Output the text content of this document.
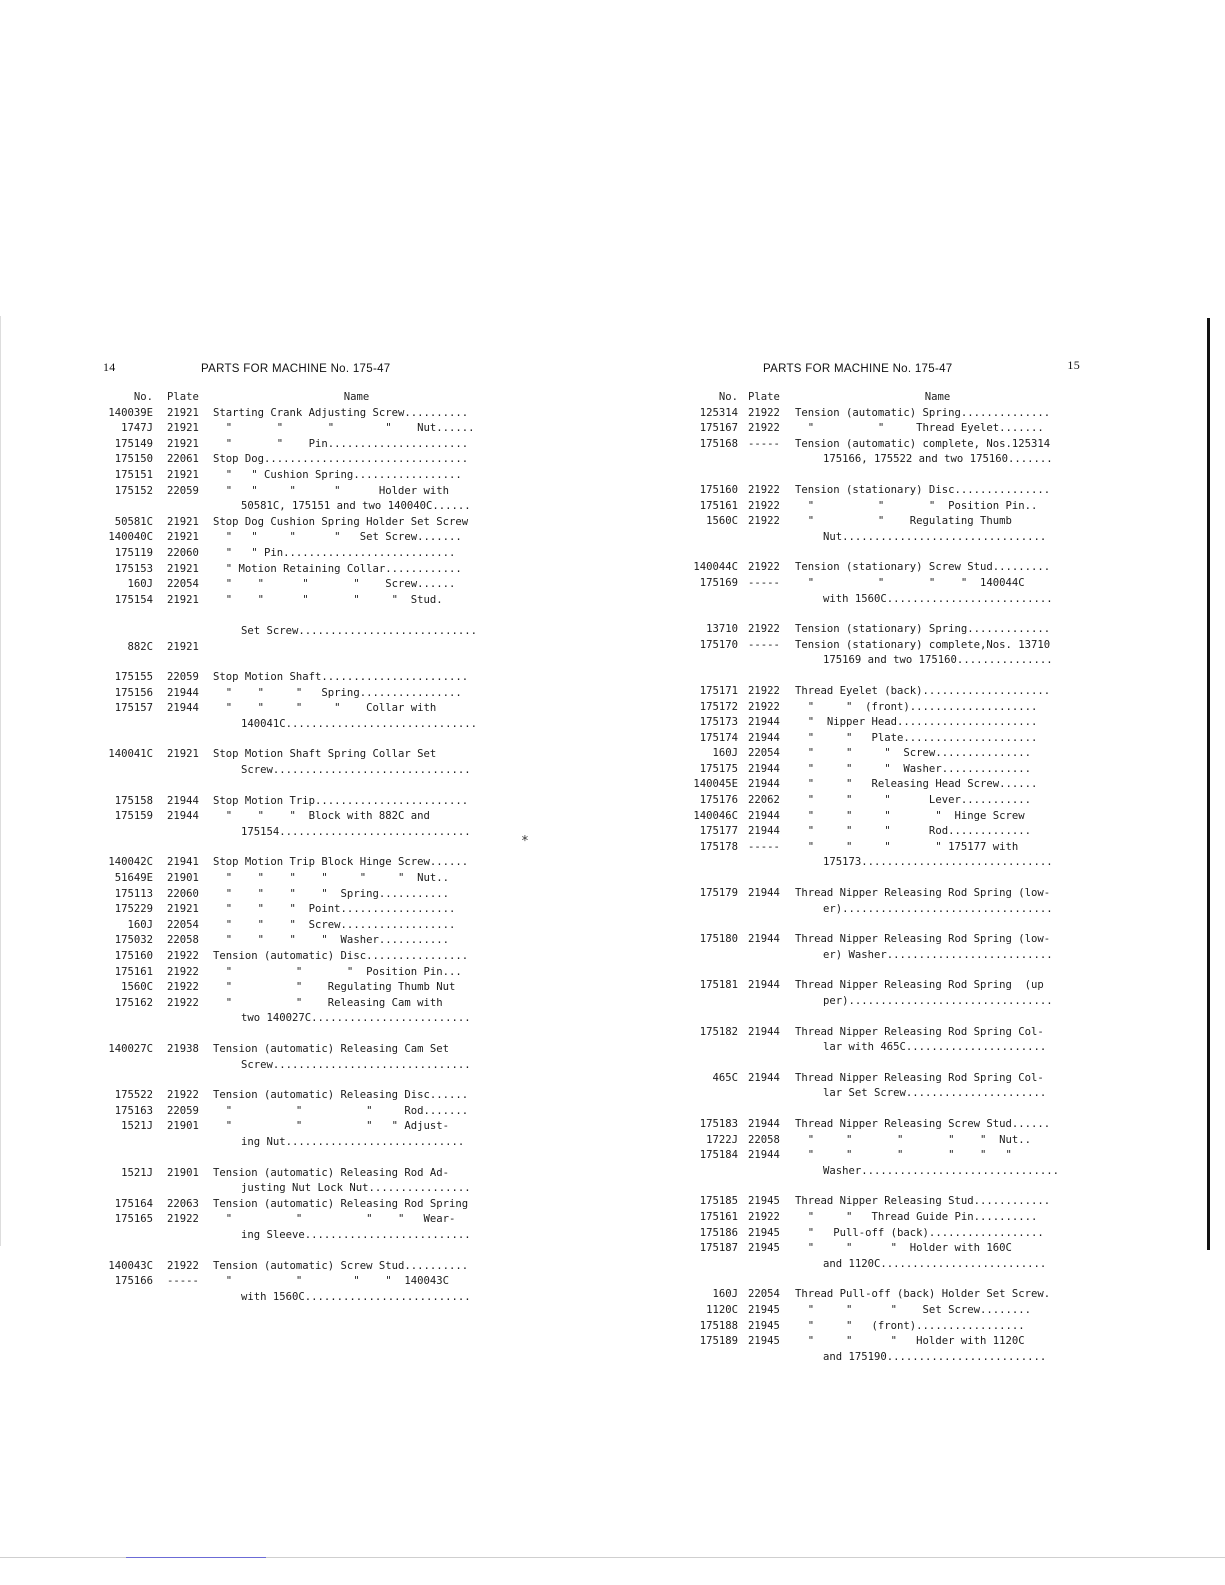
14	PARTS FOR MACHINE No. 175-47
No.	Plate	Name
140039E	21921	Starting Crank Adjusting Screw..........
1747J	21921	"       "       "        "    Nut......
175149	21921	"       "    Pin......................
175150	22061	Stop Dog................................
175151	21921	"   " Cushion Spring.................
175152	22059	"   "     "      "      Holder with
50581C, 175151 and two 140040C......
50581C	21921	Stop Dog Cushion Spring Holder Set Screw
140040C	21921	"   "     "      "   Set Screw.......
175119	22060	"   " Pin...........................
175153	21921	" Motion Retaining Collar............
160J	22054	"    "      "       "    Screw......
175154	21921	"    "      "       "     "  Stud.

Set Screw............................
882C	21921
175155	22059	Stop Motion Shaft.......................
175156	21944	"    "     "   Spring................
175157	21944	"    "     "     "    Collar with
140041C..............................
140041C	21921	Stop Motion Shaft Spring Collar Set
Screw...............................
175158	21944	Stop Motion Trip........................
175159	21944	"    "    "  Block with 882C and
175154..............................
140042C	21941	Stop Motion Trip Block Hinge Screw......
51649E	21901	"    "    "    "     "     "  Nut..
175113	22060	"    "    "    "  Spring...........
175229	21921	"    "    "  Point..................
160J	22054	"    "    "  Screw..................
175032	22058	"    "    "    "  Washer...........
175160	21922	Tension (automatic) Disc................
175161	21922	"          "       "  Position Pin...
1560C	21922	"          "    Regulating Thumb Nut
175162	21922	"          "    Releasing Cam with
two 140027C.........................
140027C	21938	Tension (automatic) Releasing Cam Set
Screw...............................
175522	21922	Tension (automatic) Releasing Disc......
175163	22059	"          "          "     Rod.......
1521J	21901	"          "          "   " Adjust-
ing Nut............................
1521J	21901	Tension (automatic) Releasing Rod Ad-
justing Nut Lock Nut................
175164	22063	Tension (automatic) Releasing Rod Spring
175165	21922	"          "          "    "   Wear-
ing Sleeve..........................
140043C	21922	Tension (automatic) Screw Stud..........
175166	-----	"          "        "    "  140043C
with 1560C..........................
PARTS FOR MACHINE No. 175-47	15
No. Plate	Name
125314 21922	Tension (automatic) Spring..............
175167 21922	"          "     Thread Eyelet.......
175168 -----	Tension (automatic) complete, Nos.125314
175166, 175522 and two 175160.......
175160 21922	Tension (stationary) Disc...............
175161 21922	"          "       "  Position Pin..
1560C 21922	"          "    Regulating Thumb
Nut................................
140044C 21922	Tension (stationary) Screw Stud.........
175169 -----	"          "       "    "  140044C
with 1560C..........................
13710 21922	Tension (stationary) Spring.............
175170 -----	Tension (stationary) complete,Nos. 13710
175169 and two 175160...............
175171 21922	Thread Eyelet (back)....................
175172 21922	"     "  (front)....................
175173 21944	"  Nipper Head......................
175174 21944	"     "   Plate.....................
160J 22054	"     "     "  Screw...............
175175 21944	"     "     "  Washer..............
140045E 21944	"     "   Releasing Head Screw......
175176 22062	"     "     "      Lever...........
140046C 21944	"     "     "       "  Hinge Screw
175177 21944	"     "     "      Rod.............
175178 -----	"     "     "       " 175177 with
175173..............................
175179 21944	Thread Nipper Releasing Rod Spring (low-
er).................................
175180 21944	Thread Nipper Releasing Rod Spring (low-
er) Washer..........................
175181 21944	Thread Nipper Releasing Rod Spring  (up
per)................................
175182 21944	Thread Nipper Releasing Rod Spring Col-
lar with 465C......................
465C 21944	Thread Nipper Releasing Rod Spring Col-
lar Set Screw......................
175183 21944	Thread Nipper Releasing Screw Stud......
1722J 22058	"     "       "       "    "  Nut..
175184 21944	"     "       "       "    "   "
Washer...............................
175185 21945	Thread Nipper Releasing Stud............
175161 21922	"     "   Thread Guide Pin..........
175186 21945	"   Pull-off (back)..................
175187 21945	"     "      "  Holder with 160C
and 1120C..........................
160J 22054	Thread Pull-off (back) Holder Set Screw.
1120C 21945	"     "      "    Set Screw........
175188 21945	"     "   (front).................
175189 21945	"     "      "   Holder with 1120C
and 175190.........................
*
